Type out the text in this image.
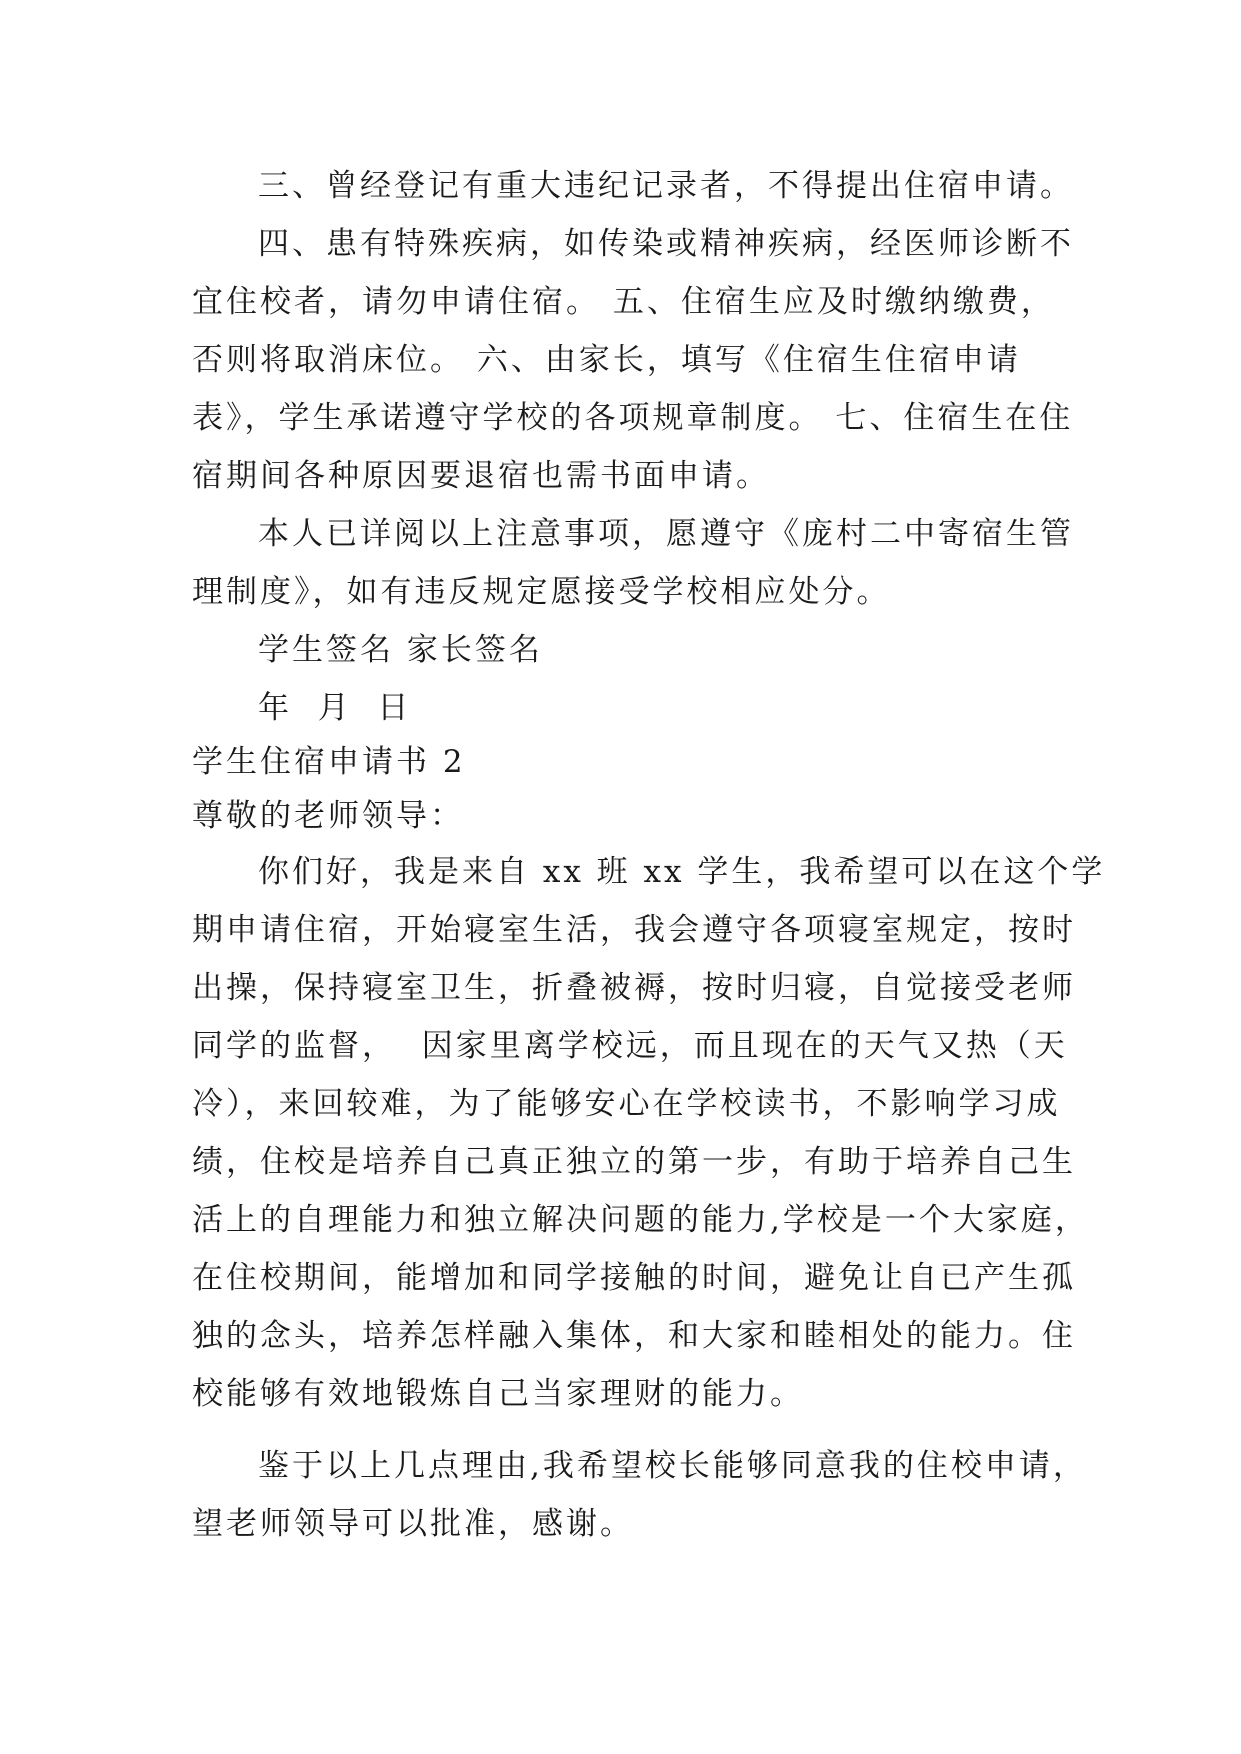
三、曾经登记有重大违纪记录者，不得提出住宿申请。
四、患有特殊疾病，如传染或精神疾病，经医师诊断不
宜住校者，请勿申请住宿。 五、住宿生应及时缴纳缴费，
否则将取消床位。 六、由家长，填写《住宿生住宿申请
表》，学生承诺遵守学校的各项规章制度。 七、住宿生在住
宿期间各种原因要退宿也需书面申请。
本人已详阅以上注意事项，愿遵守《庞村二中寄宿生管
理制度》，如有违反规定愿接受学校相应处分。
学生签名 家长签名
年  月  日
学生住宿申请书 2
尊敬的老师领导：
你们好，我是来自 xx 班 xx 学生，我希望可以在这个学
期申请住宿，开始寝室生活，我会遵守各项寝室规定，按时
出操，保持寝室卫生，折叠被褥，按时归寝，自觉接受老师
同学的监督，  因家里离学校远，而且现在的天气又热（天
冷），来回较难，为了能够安心在学校读书，不影响学习成
绩，住校是培养自己真正独立的第一步，有助于培养自己生
活上的自理能力和独立解决问题的能力,学校是一个大家庭，
在住校期间，能增加和同学接触的时间，避免让自已产生孤
独的念头，培养怎样融入集体，和大家和睦相处的能力。住
校能够有效地锻炼自己当家理财的能力。
鉴于以上几点理由,我希望校长能够同意我的住校申请，
望老师领导可以批准，感谢。
